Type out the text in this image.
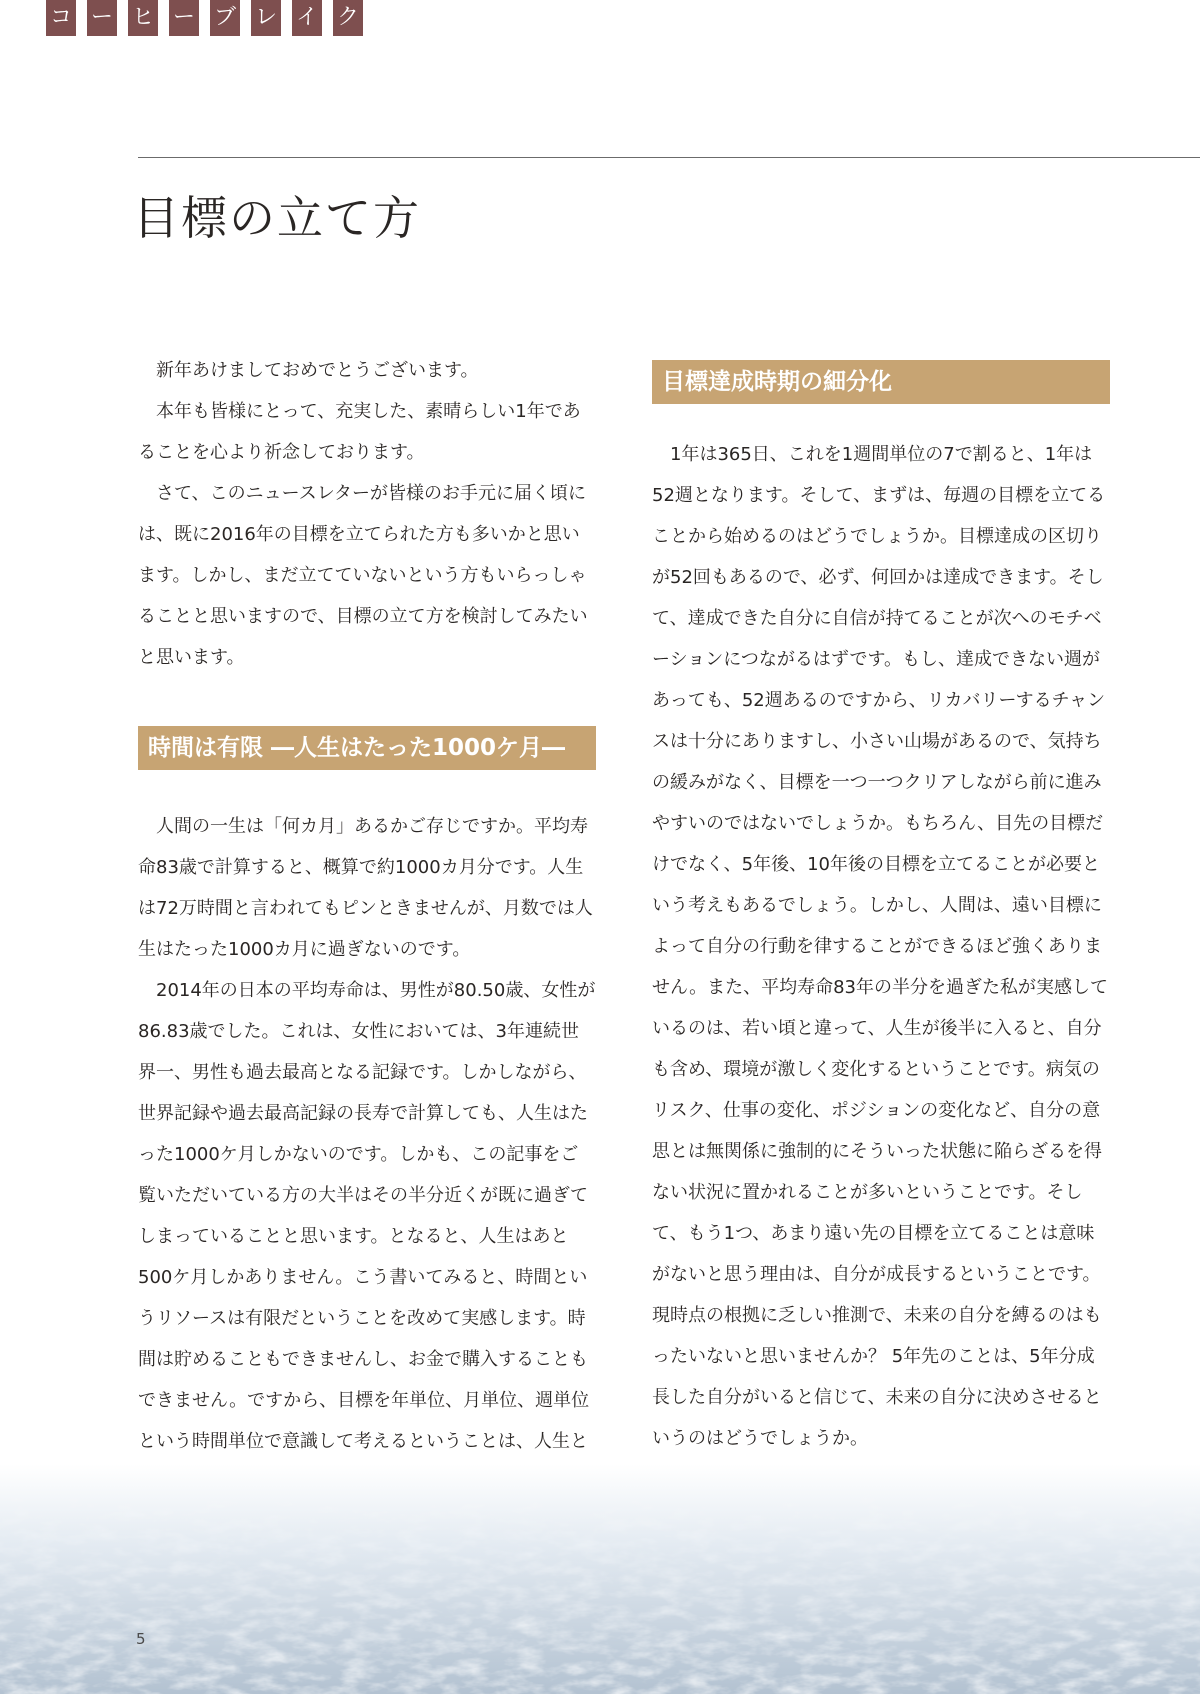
コ ー ヒ ー ブ レ イ ク
目標の立て方

新年あけましておめでとうございます。

本年も皆様にとって、充実した、素晴らしい1年であることを心より祈念しております。

さて、このニュースレターが皆様のお手元に届く頃には、既に2016年の目標を立てられた方も多いかと思います。しかし、まだ立てていないという方もいらっしゃることと思いますので、目標の立て方を検討してみたいと思います。

時間は有限 ―人生はたった1000ケ月―

人間の一生は「何カ月」あるかご存じですか。平均寿命83歳で計算すると、概算で約1000カ月分です。人生は72万時間と言われてもピンときませんが、月数では人生はたった1000カ月に過ぎないのです。

2014年の日本の平均寿命は、男性が80.50歳、女性が86.83歳でした。これは、女性においては、3年連続世界一、男性も過去最高となる記録です。しかしながら、世界記録や過去最高記録の長寿で計算しても、人生はたった1000ケ月しかないのです。しかも、この記事をご覧いただいている方の大半はその半分近くが既に過ぎてしまっていることと思います。となると、人生はあと500ケ月しかありません。こう書いてみると、時間というリソースは有限だということを改めて実感します。時間は貯めることもできませんし、お金で購入することもできません。ですから、目標を年単位、月単位、週単位という時間単位で意識して考えるということは、人生と

目標達成時期の細分化

1年は365日、これを1週間単位の7で割ると、1年は52週となります。そして、まずは、毎週の目標を立てることから始めるのはどうでしょうか。目標達成の区切りが52回もあるので、必ず、何回かは達成できます。そして、達成できた自分に自信が持てることが次へのモチベーションにつながるはずです。もし、達成できない週があっても、52週あるのですから、リカバリーするチャンスは十分にありますし、小さい山場があるので、気持ちの緩みがなく、目標を一つ一つクリアしながら前に進みやすいのではないでしょうか。もちろん、目先の目標だけでなく、5年後、10年後の目標を立てることが必要という考えもあるでしょう。しかし、人間は、遠い目標によって自分の行動を律することができるほど強くありません。また、平均寿命83年の半分を過ぎた私が実感しているのは、若い頃と違って、人生が後半に入ると、自分も含め、環境が激しく変化するということです。病気のリスク、仕事の変化、ポジションの変化など、自分の意思とは無関係に強制的にそういった状態に陥らざるを得ない状況に置かれることが多いということです。そして、もう1つ、あまり遠い先の目標を立てることは意味がないと思う理由は、自分が成長するということです。現時点の根拠に乏しい推測で、未来の自分を縛るのはもったいないと思いませんか？ 5年先のことは、5年分成長した自分がいると信じて、未来の自分に決めさせるというのはどうでしょうか。

5
